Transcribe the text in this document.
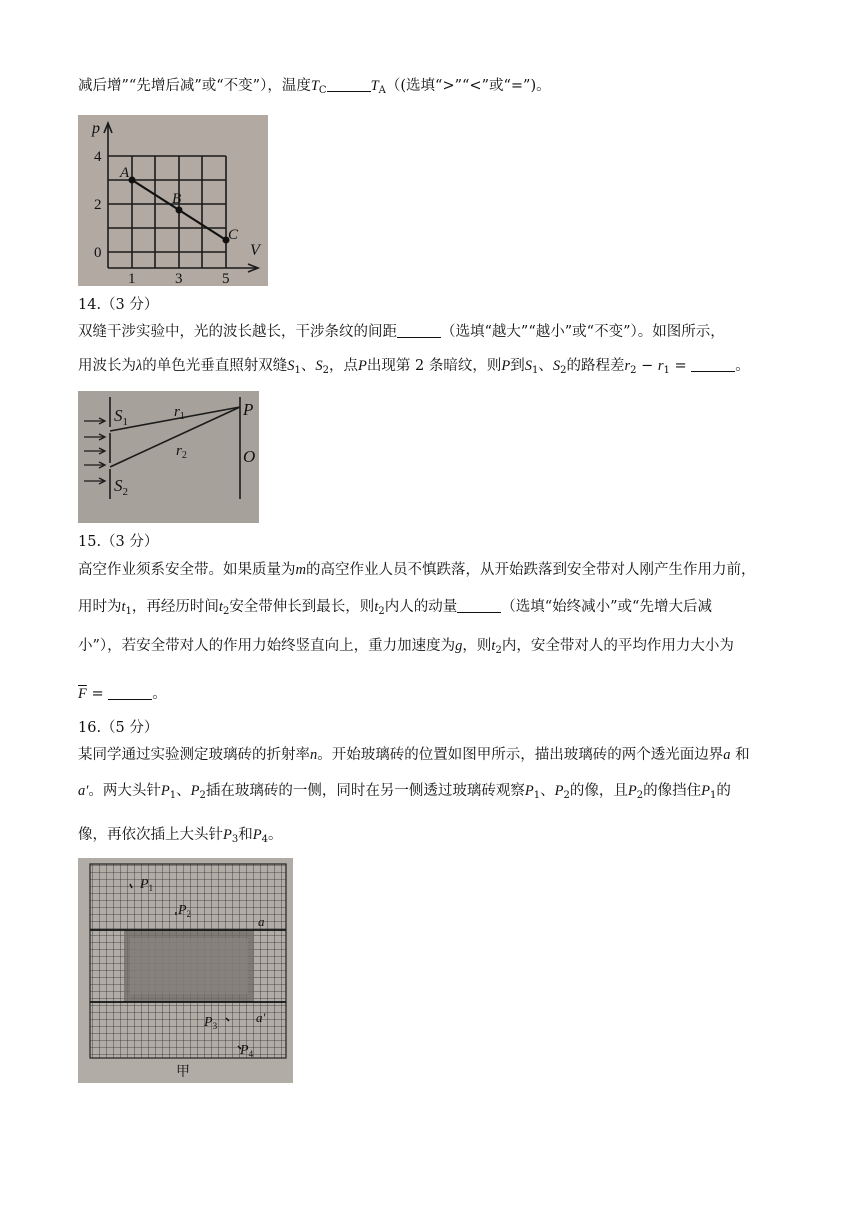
减后增”“先增后减”或“不变”），温度$T_C$	$T_A$（(选填“>”“<”或“=”)。
p
V
4
2
0
1	3	5
A
B
C
14.（3 分）
双缝干涉实验中，光的波长越长，干涉条纹的间距	（选填“越大”“越小”或“不变”）。如图所示，
用波长为λ的单色光垂直照射双缝$S_1$、$S_2$，点P出现第 2 条暗纹，则P到$S_1$、$S_2$的路程差$r_2 - r_1$ =	。
$S_1$
$S_2$
$r_1$
$r_2$
P
O
15.（3 分）
高空作业须系安全带。如果质量为m的高空作业人员不慎跌落，从开始跌落到安全带对人刚产生作用力前，
用时为$t_1$，再经历时间$t_2$安全带伸长到最长，则$t_2$内人的动量	（选填“始终减小”或“先增大后减
小”），若安全带对人的作用力始终竖直向上，重力加速度为g，则$t_2$内，安全带对人的平均作用力大小为
$\overline{F}$ =	。
16.（5 分）
某同学通过实验测定玻璃砖的折射率n。开始玻璃砖的位置如图甲所示，描出玻璃砖的两个透光面边界a 和
a′。两大头针$P_1$、$P_2$插在玻璃砖的一侧，同时在另一侧透过玻璃砖观察$P_1$、$P_2$的像，且$P_2$的像挡住$P_1$的
像，再依次插上大头针$P_3$和$P_4$。
$P_1$
$P_2$
$P_3$
$P_4$
a
a′
甲
